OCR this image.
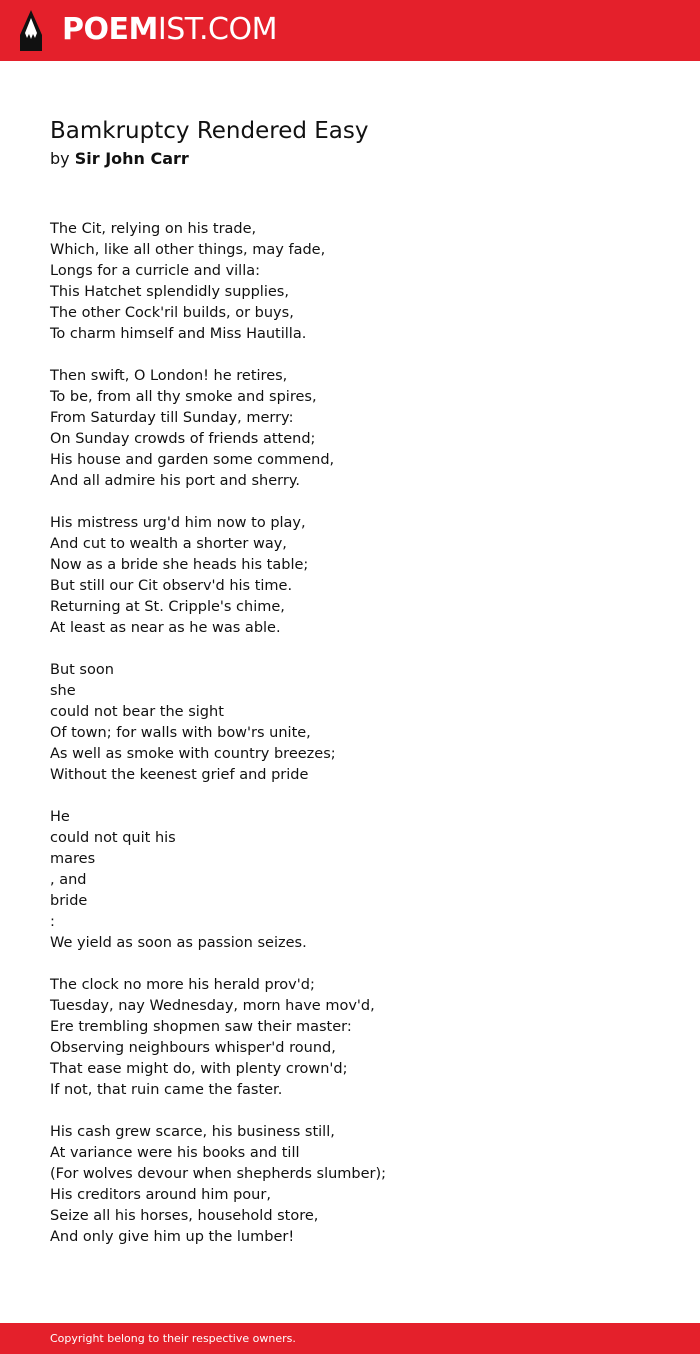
POEMIST.COM
Bamkruptcy Rendered Easy
by Sir John Carr
The Cit, relying on his trade,
Which, like all other things, may fade,
Longs for a curricle and villa:
This Hatchet splendidly supplies,
The other Cock'ril builds, or buys,
To charm himself and Miss Hautilla.
Then swift, O London! he retires,
To be, from all thy smoke and spires,
From Saturday till Sunday, merry:
On Sunday crowds of friends attend;
His house and garden some commend,
And all admire his port and sherry.
His mistress urg'd him now to play,
And cut to wealth a shorter way,
Now as a bride she heads his table;
But still our Cit observ'd his time.
Returning at St. Cripple's chime,
At least as near as he was able.
But soon
she
could not bear the sight
Of town; for walls with bow'rs unite,
As well as smoke with country breezes;
Without the keenest grief and pride
He
could not quit his
mares
, and
bride
:
We yield as soon as passion seizes.
The clock no more his herald prov'd;
Tuesday, nay Wednesday, morn have mov'd,
Ere trembling shopmen saw their master:
Observing neighbours whisper'd round,
That ease might do, with plenty crown'd;
If not, that ruin came the faster.
His cash grew scarce, his business still,
At variance were his books and till
(For wolves devour when shepherds slumber);
His creditors around him pour,
Seize all his horses, household store,
And only give him up the lumber!
Copyright belong to their respective owners.
